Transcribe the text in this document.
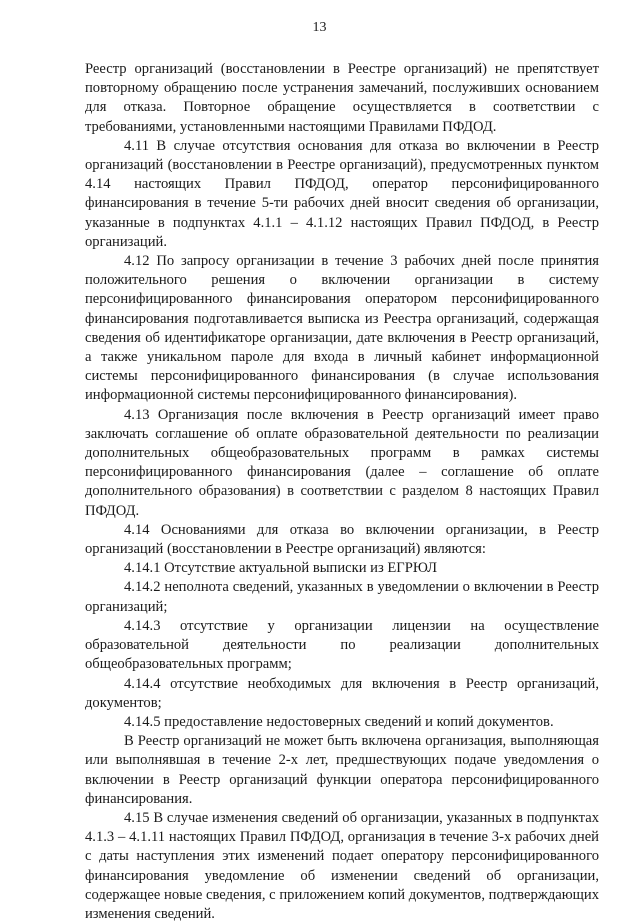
13

Реестр организаций (восстановлении в Реестре организаций) не препятствует повторному обращению после устранения замечаний, послуживших основанием для отказа. Повторное обращение осуществляется в соответствии с требованиями, установленными настоящими Правилами ПФДОД.

4.11 В случае отсутствия основания для отказа во включении в Реестр организаций (восстановлении в Реестре организаций), предусмотренных пунктом 4.14 настоящих Правил ПФДОД, оператор персонифицированного финансирования в течение 5-ти рабочих дней вносит сведения об организации, указанные в подпунктах 4.1.1 – 4.1.12 настоящих Правил ПФДОД, в Реестр организаций.

4.12 По запросу организации в течение 3 рабочих дней после принятия положительного решения о включении организации в систему персонифицированного финансирования оператором персонифицированного финансирования подготавливается выписка из Реестра организаций, содержащая сведения об идентификаторе организации, дате включения в Реестр организаций, а также уникальном пароле для входа в личный кабинет информационной системы персонифицированного финансирования (в случае использования информационной системы персонифицированного финансирования).

4.13 Организация после включения в Реестр организаций имеет право заключать соглашение об оплате образовательной деятельности по реализации дополнительных общеобразовательных программ в рамках системы персонифицированного финансирования (далее – соглашение об оплате дополнительного образования) в соответствии с разделом 8 настоящих Правил ПФДОД.

4.14 Основаниями для отказа во включении организации, в Реестр организаций (восстановлении в Реестре организаций) являются:

4.14.1 Отсутствие актуальной выписки из ЕГРЮЛ

4.14.2 неполнота сведений, указанных в уведомлении о включении в Реестр организаций;

4.14.3 отсутствие у организации лицензии на осуществление образовательной деятельности по реализации дополнительных общеобразовательных программ;

4.14.4 отсутствие необходимых для включения в Реестр организаций, документов;

4.14.5 предоставление недостоверных сведений и копий документов.

В Реестр организаций не может быть включена организация, выполняющая или выполнявшая в течение 2-х лет, предшествующих подаче уведомления о включении в Реестр организаций функции оператора персонифицированного финансирования.

4.15 В случае изменения сведений об организации, указанных в подпунктах 4.1.3 – 4.1.11 настоящих Правил ПФДОД, организация в течение 3-х рабочих дней с даты наступления этих изменений подает оператору персонифицированного финансирования уведомление об изменении сведений об организации, содержащее новые сведения, с приложением копий документов, подтверждающих изменения сведений.
